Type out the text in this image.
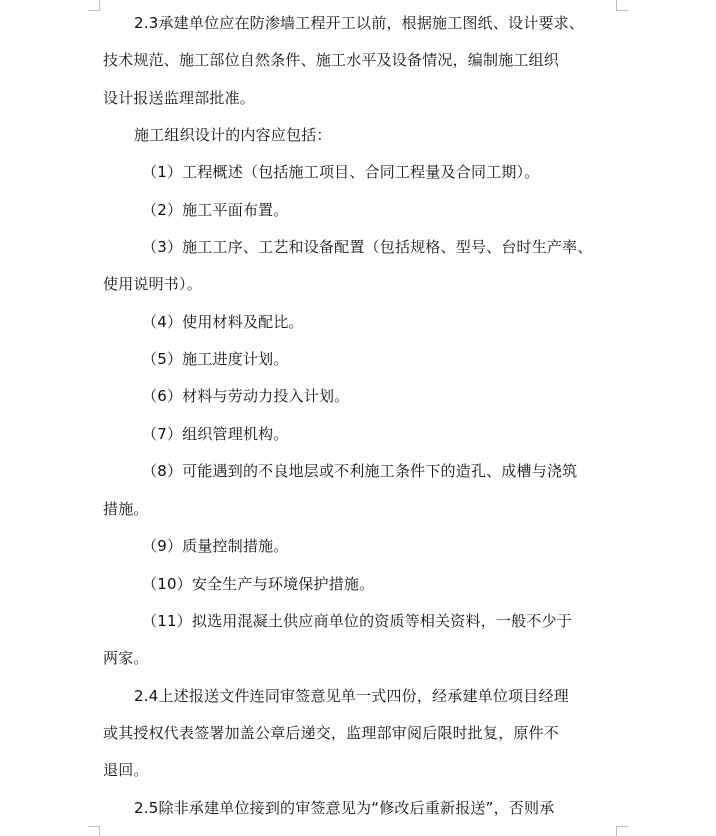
2.3承建单位应在防渗墙工程开工以前，根据施工图纸、设计要求、
技术规范、施工部位自然条件、施工水平及设备情况，编制施工组织
设计报送监理部批准。
施工组织设计的内容应包括：
（1）工程概述（包括施工项目、合同工程量及合同工期）。
（2）施工平面布置。
（3）施工工序、工艺和设备配置（包括规格、型号、台时生产率、
使用说明书）。
（4）使用材料及配比。
（5）施工进度计划。
（6）材料与劳动力投入计划。
（7）组织管理机构。
（8）可能遇到的不良地层或不利施工条件下的造孔、成槽与浇筑
措施。
（9）质量控制措施。
（10）安全生产与环境保护措施。
（11）拟选用混凝土供应商单位的资质等相关资料，一般不少于
两家。
2.4上述报送文件连同审签意见单一式四份，经承建单位项目经理
或其授权代表签署加盖公章后递交，监理部审阅后限时批复，原件不
退回。
2.5除非承建单位接到的审签意见为“修改后重新报送”，否则承
